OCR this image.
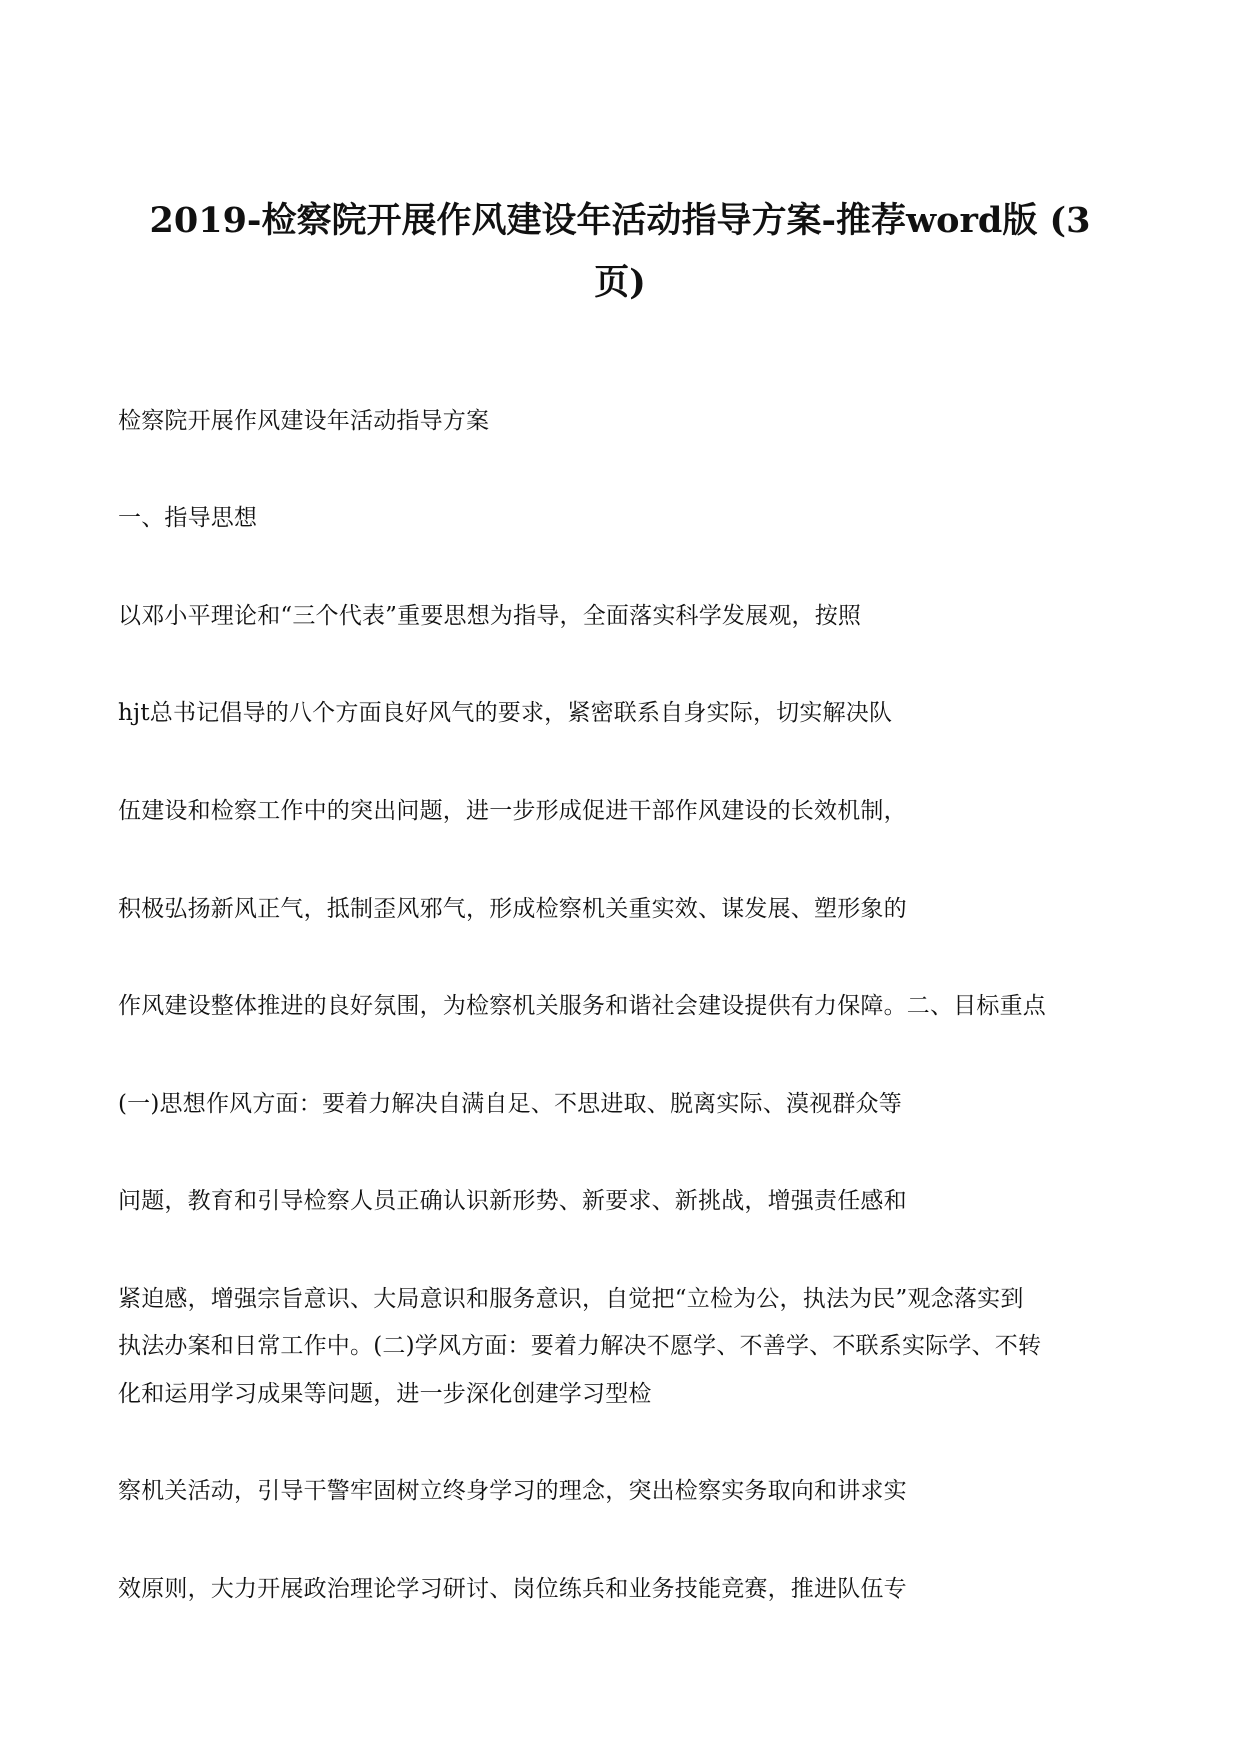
2019-检察院开展作风建设年活动指导方案-推荐word版 (3
页)
检察院开展作风建设年活动指导方案
一、指导思想
以邓小平理论和“三个代表”重要思想为指导，全面落实科学发展观，按照
hjt总书记倡导的八个方面良好风气的要求，紧密联系自身实际，切实解决队
伍建设和检察工作中的突出问题，进一步形成促进干部作风建设的长效机制，
积极弘扬新风正气，抵制歪风邪气，形成检察机关重实效、谋发展、塑形象的
作风建设整体推进的良好氛围，为检察机关服务和谐社会建设提供有力保障。二、目标重点
(一)思想作风方面：要着力解决自满自足、不思进取、脱离实际、漠视群众等
问题，教育和引导检察人员正确认识新形势、新要求、新挑战，增强责任感和
紧迫感，增强宗旨意识、大局意识和服务意识，自觉把“立检为公，执法为民”观念落实到
执法办案和日常工作中。(二)学风方面：要着力解决不愿学、不善学、不联系实际学、不转
化和运用学习成果等问题，进一步深化创建学习型检
察机关活动，引导干警牢固树立终身学习的理念，突出检察实务取向和讲求实
效原则，大力开展政治理论学习研讨、岗位练兵和业务技能竞赛，推进队伍专
